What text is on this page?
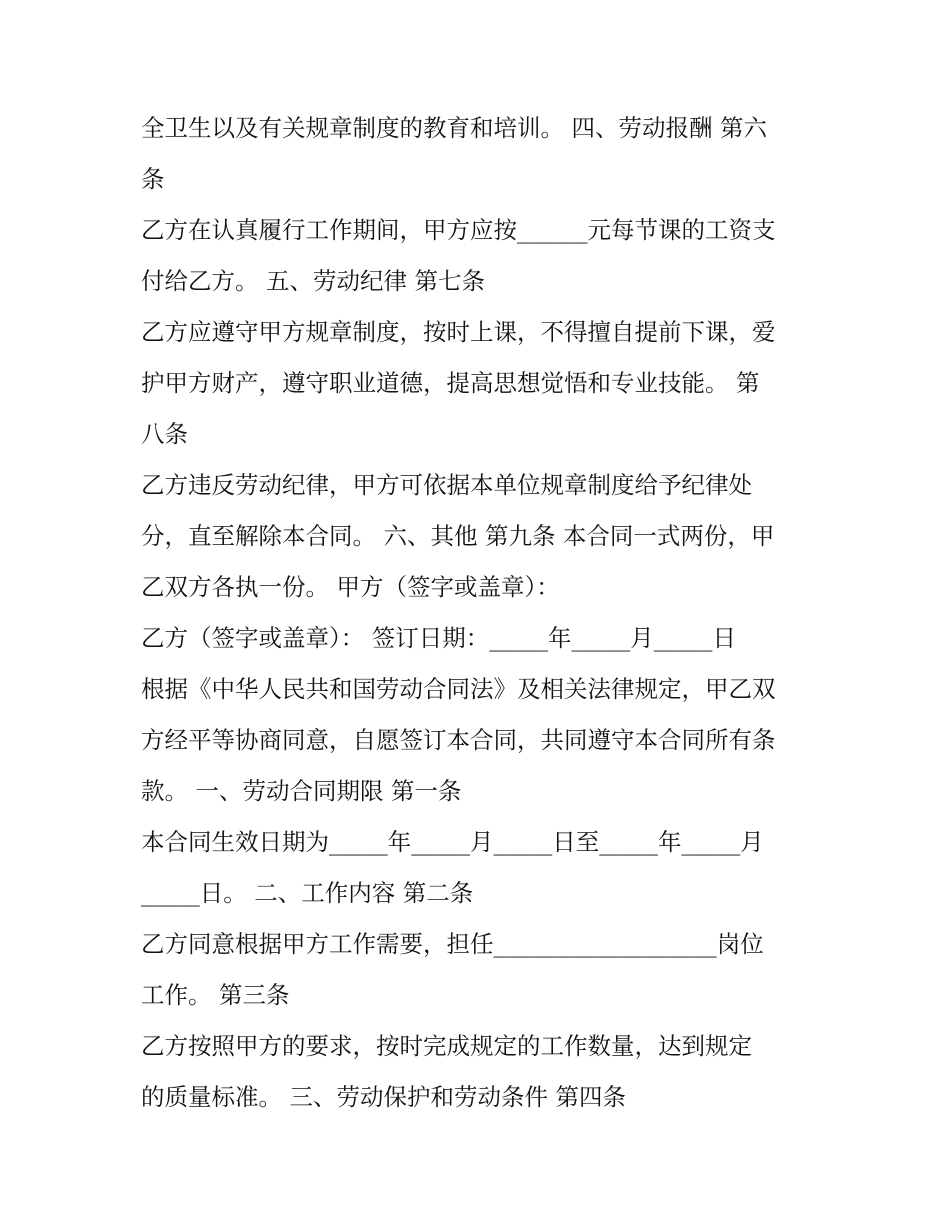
全卫生以及有关规章制度的教育和培训。 四、劳动报酬 第六
条
乙方在认真履行工作期间，甲方应按______元每节课的工资支
付给乙方。 五、劳动纪律 第七条
乙方应遵守甲方规章制度，按时上课，不得擅自提前下课，爱
护甲方财产，遵守职业道德，提高思想觉悟和专业技能。 第
八条
乙方违反劳动纪律，甲方可依据本单位规章制度给予纪律处
分，直至解除本合同。 六、其他 第九条 本合同一式两份，甲
乙双方各执一份。 甲方（签字或盖章）：
乙方（签字或盖章）： 签订日期：_____年_____月_____日
根据《中华人民共和国劳动合同法》及相关法律规定，甲乙双
方经平等协商同意，自愿签订本合同，共同遵守本合同所有条
款。 一、劳动合同期限 第一条
本合同生效日期为_____年_____月_____日至_____年_____月
_____日。 二、工作内容 第二条
乙方同意根据甲方工作需要，担任___________________岗位
工作。 第三条
乙方按照甲方的要求，按时完成规定的工作数量，达到规定
的质量标准。 三、劳动保护和劳动条件 第四条
